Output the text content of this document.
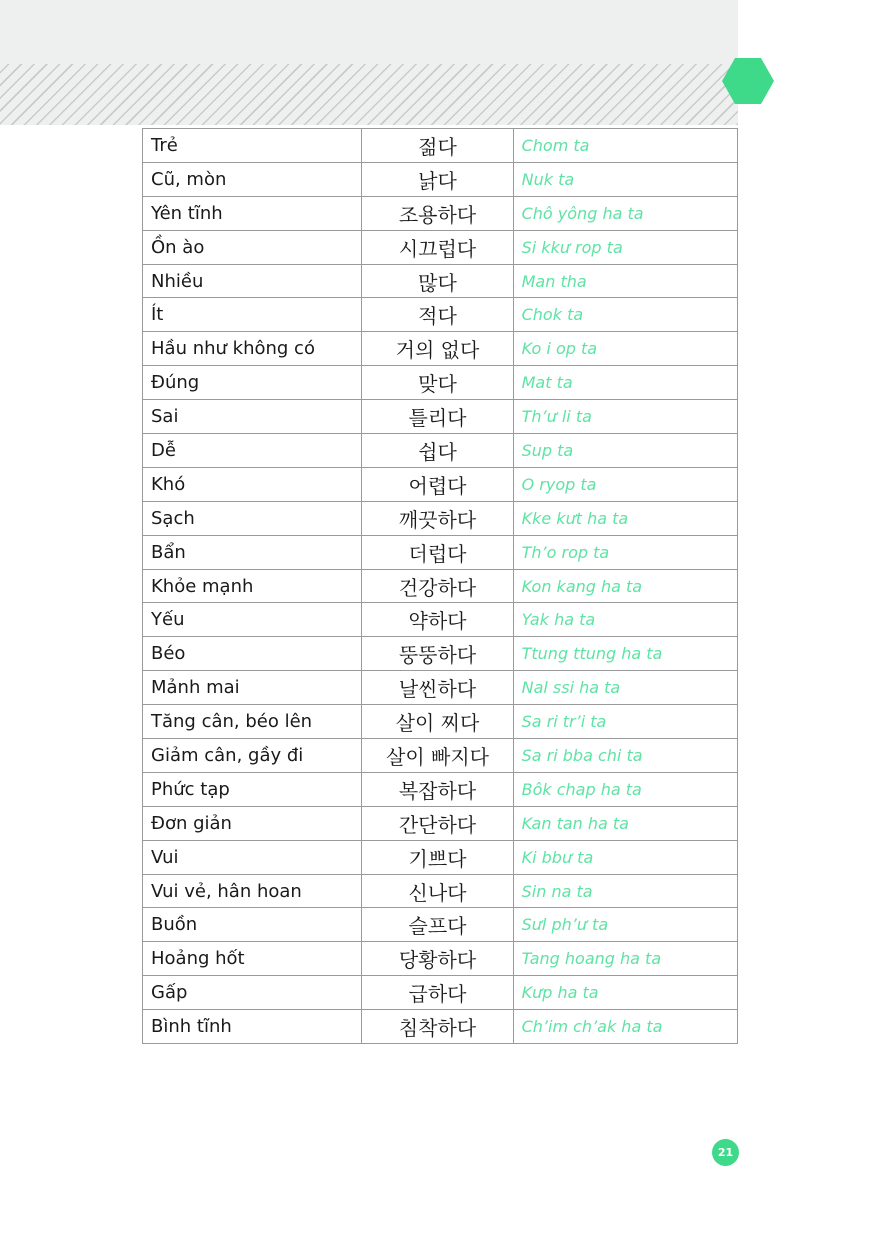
Trẻ	젊다	Chom ta
Cũ, mòn	낡다	Nuk ta
Yên tĩnh	조용하다	Chô yông ha ta
Ồn ào	시끄럽다	Si kkư rop ta
Nhiều	많다	Man tha
Ít	적다	Chok ta
Hầu như không có	거의 없다	Ko i op ta
Đúng	맞다	Mat ta
Sai	틀리다	Th’ư li ta
Dễ	쉽다	Sup ta
Khó	어렵다	O ryop ta
Sạch	깨끗하다	Kke kưt ha ta
Bẩn	더럽다	Th’o rop ta
Khỏe mạnh	건강하다	Kon kang ha ta
Yếu	약하다	Yak ha ta
Béo	뚱뚱하다	Ttung ttung ha ta
Mảnh mai	날씬하다	Nal ssi ha ta
Tăng cân, béo lên	살이 찌다	Sa ri tr’i ta
Giảm cân, gầy đi	살이 빠지다	Sa ri bba chi ta
Phức tạp	복잡하다	Bôk chap ha ta
Đơn giản	간단하다	Kan tan ha ta
Vui	기쁘다	Ki bbư ta
Vui vẻ, hân hoan	신나다	Sin na ta
Buồn	슬프다	Sưl ph’ư ta
Hoảng hốt	당황하다	Tang hoang ha ta
Gấp	급하다	Kưp ha ta
Bình tĩnh	침착하다	Ch’im ch’ak ha ta
21
